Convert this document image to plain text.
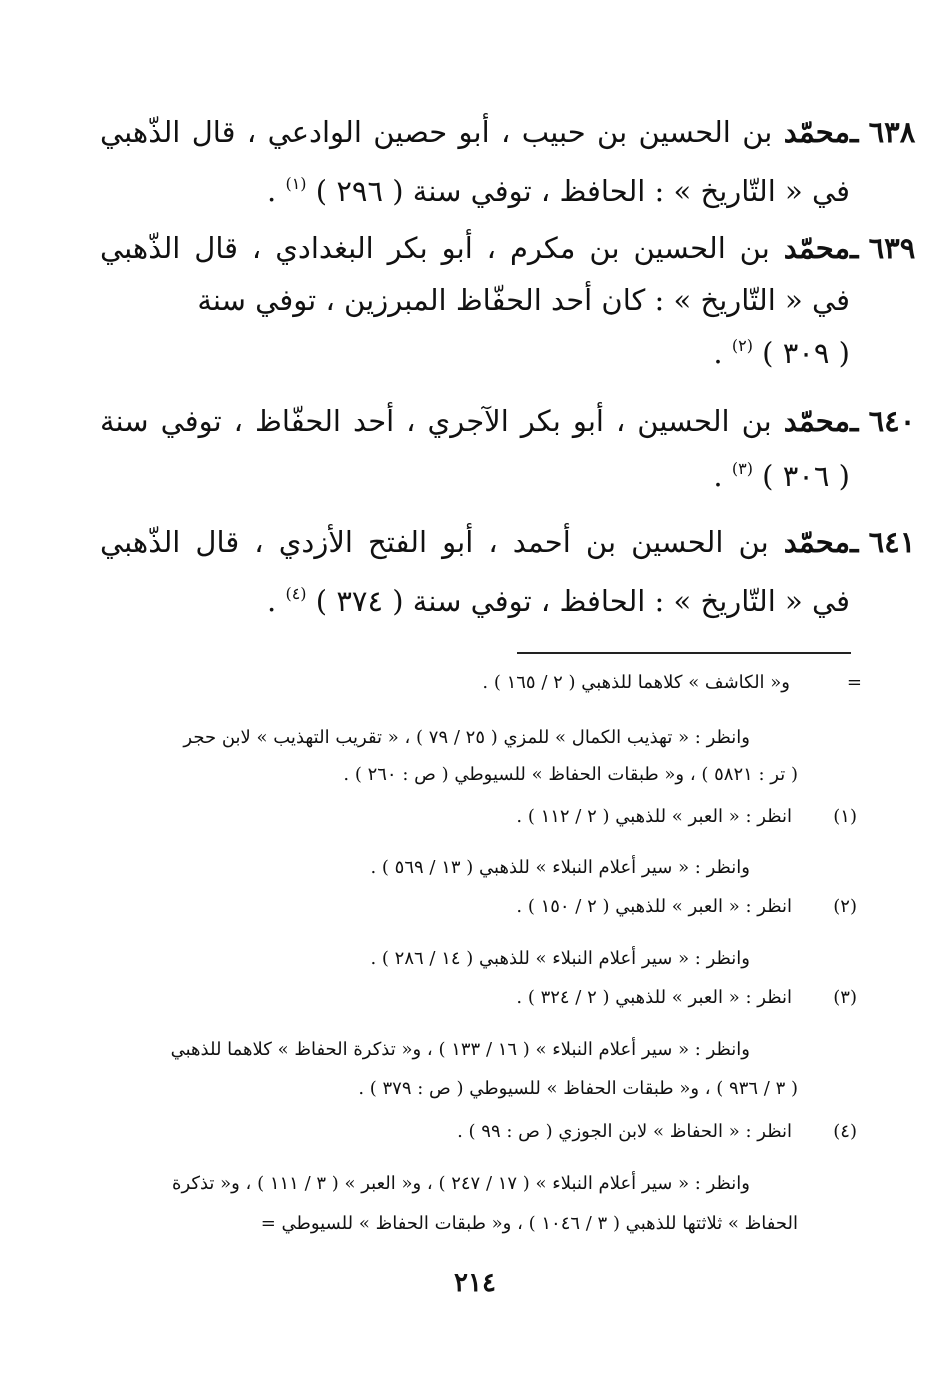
٦٣٨ ـ
محمّد بن الحسين بن حبيب ، أبو حصين الوادعي ، قال الذّهبي
في « التّاريخ » : الحافظ ، توفي سنة ( ٢٩٦ ) $^{(١)}$ .
٦٣٩ ـ
محمّد بن الحسين بن مكرم ، أبو بكر البغدادي ، قال الذّهبي
في « التّاريخ » : كان أحد الحفّاظ المبرزين ، توفي سنة
( ٣٠٩ ) $^{(٢)}$ .
٦٤٠ ـ
محمّد بن الحسين ، أبو بكر الآجري ، أحد الحفّاظ ، توفي سنة
( ٣٠٦ ) $^{(٣)}$ .
٦٤١ ـ
محمّد بن الحسين بن أحمد ، أبو الفتح الأزدي ، قال الذّهبي
في « التّاريخ » : الحافظ ، توفي سنة ( ٣٧٤ ) $^{(٤)}$ .
=
و« الكاشف » كلاهما للذهبي ( ٢ / ١٦٥ ) .
وانظر : « تهذيب الكمال » للمزي ( ٢٥ / ٧٩ ) ، « تقريب التهذيب » لابن حجر
( تر : ٥٨٢١ ) ، و« طبقات الحفاظ » للسيوطي ( ص : ٢٦٠ ) .
(١)
انظر : « العبر » للذهبي ( ٢ / ١١٢ ) .
وانظر : « سير أعلام النبلاء » للذهبي ( ١٣ / ٥٦٩ ) .
(٢)
انظر : « العبر » للذهبي ( ٢ / ١٥٠ ) .
وانظر : « سير أعلام النبلاء » للذهبي ( ١٤ / ٢٨٦ ) .
(٣)
انظر : « العبر » للذهبي ( ٢ / ٣٢٤ ) .
وانظر : « سير أعلام النبلاء » ( ١٦ / ١٣٣ ) ، و« تذكرة الحفاظ » كلاهما للذهبي
( ٣ / ٩٣٦ ) ، و« طبقات الحفاظ » للسيوطي ( ص : ٣٧٩ ) .
(٤)
انظر : « الحفاظ » لابن الجوزي ( ص : ٩٩ ) .
وانظر : « سير أعلام النبلاء » ( ١٧ / ٢٤٧ ) ، و« العبر » ( ٣ / ١١١ ) ، و« تذكرة
الحفاظ » ثلاثتها للذهبي ( ٣ / ١٠٤٦ ) ، و« طبقات الحفاظ » للسيوطي =
٢١٤
